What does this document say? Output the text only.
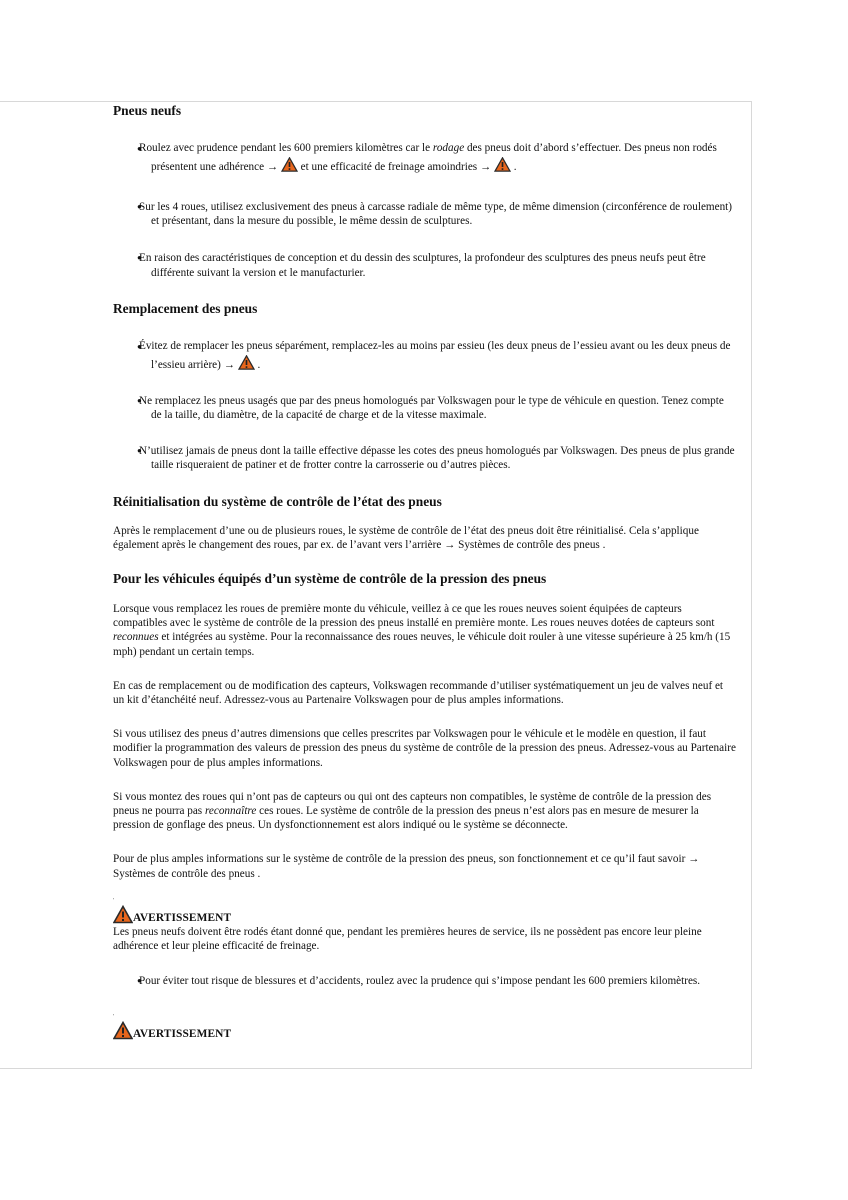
Pneus neufs
● Roulez avec prudence pendant les 600 premiers kilomètres car le rodage des pneus doit d’abord s’effectuer. Des pneus non rodés présentent une adhérence →  et une efficacité de freinage amoindries → .
● Sur les 4 roues, utilisez exclusivement des pneus à carcasse radiale de même type, de même dimension (circonférence de roulement) et présentant, dans la mesure du possible, le même dessin de sculptures.
● En raison des caractéristiques de conception et du dessin des sculptures, la profondeur des sculptures des pneus neufs peut être différente suivant la version et le manufacturier.
Remplacement des pneus
● Évitez de remplacer les pneus séparément, remplacez-les au moins par essieu (les deux pneus de l’essieu avant ou les deux pneus de l’essieu arrière) → .
● Ne remplacez les pneus usagés que par des pneus homologués par Volkswagen pour le type de véhicule en question. Tenez compte de la taille, du diamètre, de la capacité de charge et de la vitesse maximale.
● N’utilisez jamais de pneus dont la taille effective dépasse les cotes des pneus homologués par Volkswagen. Des pneus de plus grande taille risqueraient de patiner et de frotter contre la carrosserie ou d’autres pièces.
Réinitialisation du système de contrôle de l’état des pneus

Après le remplacement d’une ou de plusieurs roues, le système de contrôle de l’état des pneus doit être réinitialisé. Cela s’applique également après le changement des roues, par ex. de l’avant vers l’arrière → Systèmes de contrôle des pneus .

Pour les véhicules équipés d’un système de contrôle de la pression des pneus

Lorsque vous remplacez les roues de première monte du véhicule, veillez à ce que les roues neuves soient équipées de capteurs compatibles avec le système de contrôle de la pression des pneus installé en première monte. Les roues neuves dotées de capteurs sont reconnues et intégrées au système. Pour la reconnaissance des roues neuves, le véhicule doit rouler à une vitesse supérieure à 25 km/h (15 mph) pendant un certain temps.

En cas de remplacement ou de modification des capteurs, Volkswagen recommande d’utiliser systématiquement un jeu de valves neuf et un kit d’étanchéité neuf. Adressez-vous au Partenaire Volkswagen pour de plus amples informations.

Si vous utilisez des pneus d’autres dimensions que celles prescrites par Volkswagen pour le véhicule et le modèle en question, il faut modifier la programmation des valeurs de pression des pneus du système de contrôle de la pression des pneus. Adressez-vous au Partenaire Volkswagen pour de plus amples informations.

Si vous montez des roues qui n’ont pas de capteurs ou qui ont des capteurs non compatibles, le système de contrôle de la pression des pneus ne pourra pas reconnaître ces roues. Le système de contrôle de la pression des pneus n’est alors pas en mesure de mesurer la pression de gonflage des pneus. Un dysfonctionnement est alors indiqué ou le système se déconnecte.

Pour de plus amples informations sur le système de contrôle de la pression des pneus, son fonctionnement et ce qu’il faut savoir → Systèmes de contrôle des pneus .

'
AVERTISSEMENT

Les pneus neufs doivent être rodés étant donné que, pendant les premières heures de service, ils ne possèdent pas encore leur pleine adhérence et leur pleine efficacité de freinage.

● Pour éviter tout risque de blessures et d’accidents, roulez avec la prudence qui s’impose pendant les 600 premiers kilomètres.
'
AVERTISSEMENT
